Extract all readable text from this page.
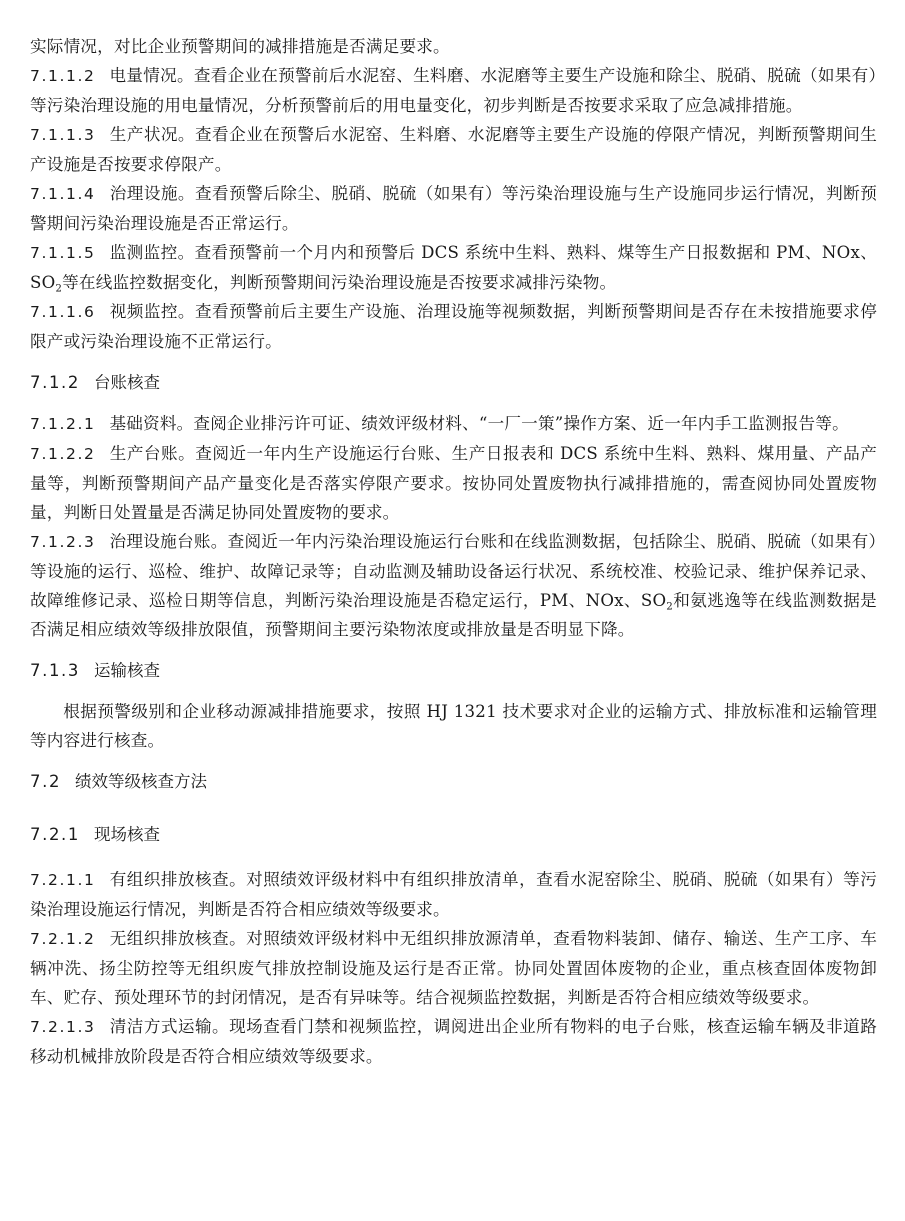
实际情况，对比企业预警期间的减排措施是否满足要求。

7.1.1.2 电量情况。查看企业在预警前后水泥窑、生料磨、水泥磨等主要生产设施和除尘、脱硝、脱硫（如果有）等污染治理设施的用电量情况，分析预警前后的用电量变化，初步判断是否按要求采取了应急减排措施。

7.1.1.3 生产状况。查看企业在预警后水泥窑、生料磨、水泥磨等主要生产设施的停限产情况，判断预警期间生产设施是否按要求停限产。

7.1.1.4 治理设施。查看预警后除尘、脱硝、脱硫（如果有）等污染治理设施与生产设施同步运行情况，判断预警期间污染治理设施是否正常运行。

7.1.1.5 监测监控。查看预警前一个月内和预警后 DCS 系统中生料、熟料、煤等生产日报数据和 PM、NOx、$SO_2$等在线监控数据变化，判断预警期间污染治理设施是否按要求减排污染物。

7.1.1.6 视频监控。查看预警前后主要生产设施、治理设施等视频数据，判断预警期间是否存在未按措施要求停限产或污染治理设施不正常运行。

7.1.2 台账核查

7.1.2.1 基础资料。查阅企业排污许可证、绩效评级材料、“一厂一策”操作方案、近一年内手工监测报告等。

7.1.2.2 生产台账。查阅近一年内生产设施运行台账、生产日报表和 DCS 系统中生料、熟料、煤用量、产品产量等，判断预警期间产品产量变化是否落实停限产要求。按协同处置废物执行减排措施的，需查阅协同处置废物量，判断日处置量是否满足协同处置废物的要求。

7.1.2.3 治理设施台账。查阅近一年内污染治理设施运行台账和在线监测数据，包括除尘、脱硝、脱硫（如果有）等设施的运行、巡检、维护、故障记录等；自动监测及辅助设备运行状况、系统校准、校验记录、维护保养记录、故障维修记录、巡检日期等信息，判断污染治理设施是否稳定运行，PM、NOx、$SO_2$和氨逃逸等在线监测数据是否满足相应绩效等级排放限值，预警期间主要污染物浓度或排放量是否明显下降。

7.1.3 运输核查

根据预警级别和企业移动源减排措施要求，按照 HJ 1321 技术要求对企业的运输方式、排放标准和运输管理等内容进行核查。

7.2 绩效等级核查方法

7.2.1 现场核查

7.2.1.1 有组织排放核查。对照绩效评级材料中有组织排放清单，查看水泥窑除尘、脱硝、脱硫（如果有）等污染治理设施运行情况，判断是否符合相应绩效等级要求。

7.2.1.2 无组织排放核查。对照绩效评级材料中无组织排放源清单，查看物料装卸、储存、输送、生产工序、车辆冲洗、扬尘防控等无组织废气排放控制设施及运行是否正常。协同处置固体废物的企业，重点核查固体废物卸车、贮存、预处理环节的封闭情况，是否有异味等。结合视频监控数据，判断是否符合相应绩效等级要求。

7.2.1.3 清洁方式运输。现场查看门禁和视频监控，调阅进出企业所有物料的电子台账，核查运输车辆及非道路移动机械排放阶段是否符合相应绩效等级要求。
